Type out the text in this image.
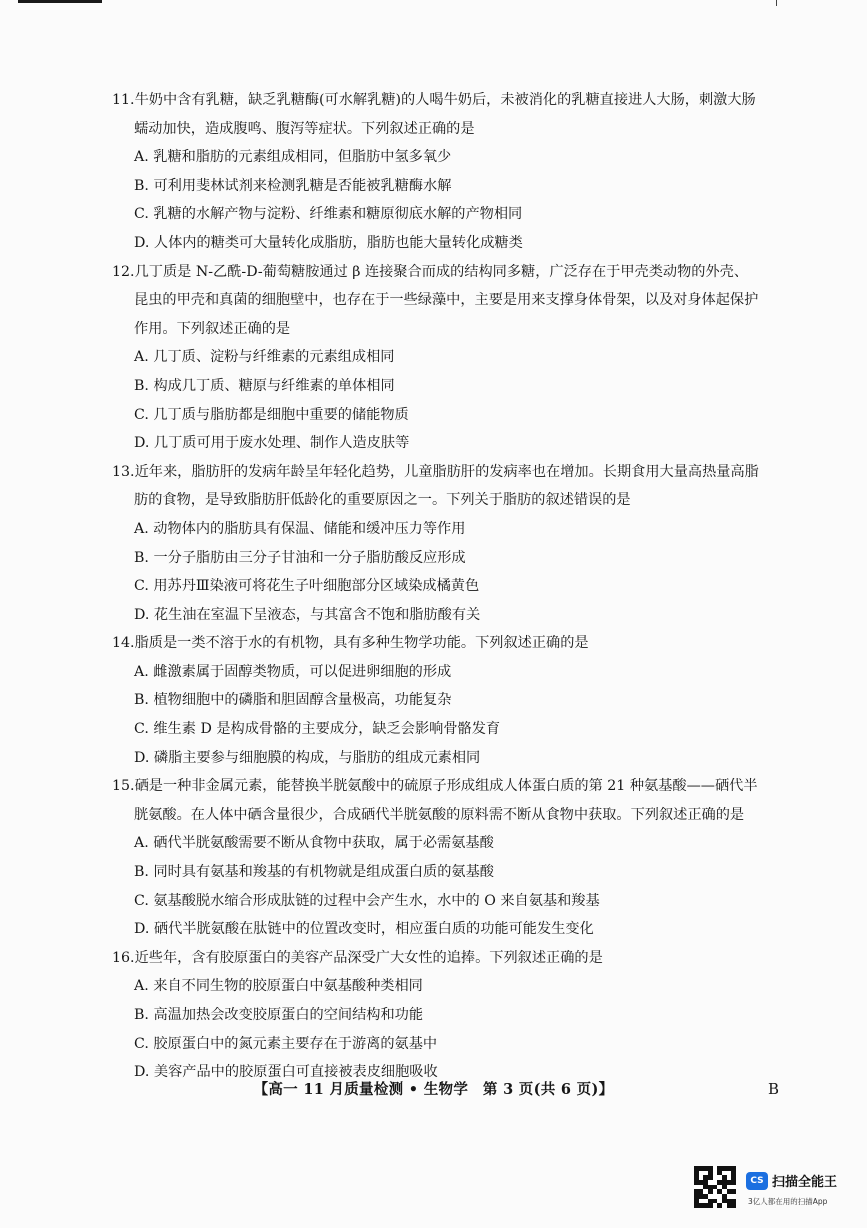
11.牛奶中含有乳糖，缺乏乳糖酶(可水解乳糖)的人喝牛奶后，未被消化的乳糖直接进人大肠，刺激大肠
蠕动加快，造成腹鸣、腹泻等症状。下列叙述正确的是
A. 乳糖和脂肪的元素组成相同，但脂肪中氢多氧少
B. 可利用斐林试剂来检测乳糖是否能被乳糖酶水解
C. 乳糖的水解产物与淀粉、纤维素和糖原彻底水解的产物相同
D. 人体内的糖类可大量转化成脂肪，脂肪也能大量转化成糖类
12.几丁质是 N-乙酰-D-葡萄糖胺通过 β 连接聚合而成的结构同多糖，广泛存在于甲壳类动物的外壳、
昆虫的甲壳和真菌的细胞壁中，也存在于一些绿藻中，主要是用来支撑身体骨架，以及对身体起保护
作用。下列叙述正确的是
A. 几丁质、淀粉与纤维素的元素组成相同
B. 构成几丁质、糖原与纤维素的单体相同
C. 几丁质与脂肪都是细胞中重要的储能物质
D. 几丁质可用于废水处理、制作人造皮肤等
13.近年来，脂肪肝的发病年龄呈年轻化趋势，儿童脂肪肝的发病率也在增加。长期食用大量高热量高脂
肪的食物，是导致脂肪肝低龄化的重要原因之一。下列关于脂肪的叙述错误的是
A. 动物体内的脂肪具有保温、储能和缓冲压力等作用
B. 一分子脂肪由三分子甘油和一分子脂肪酸反应形成
C. 用苏丹Ⅲ染液可将花生子叶细胞部分区域染成橘黄色
D. 花生油在室温下呈液态，与其富含不饱和脂肪酸有关
14.脂质是一类不溶于水的有机物，具有多种生物学功能。下列叙述正确的是
A. 雌激素属于固醇类物质，可以促进卵细胞的形成
B. 植物细胞中的磷脂和胆固醇含量极高，功能复杂
C. 维生素 D 是构成骨骼的主要成分，缺乏会影响骨骼发育
D. 磷脂主要参与细胞膜的构成，与脂肪的组成元素相同
15.硒是一种非金属元素，能替换半胱氨酸中的硫原子形成组成人体蛋白质的第 21 种氨基酸——硒代半
胱氨酸。在人体中硒含量很少，合成硒代半胱氨酸的原料需不断从食物中获取。下列叙述正确的是
A. 硒代半胱氨酸需要不断从食物中获取，属于必需氨基酸
B. 同时具有氨基和羧基的有机物就是组成蛋白质的氨基酸
C. 氨基酸脱水缩合形成肽链的过程中会产生水，水中的 O 来自氨基和羧基
D. 硒代半胱氨酸在肽链中的位置改变时，相应蛋白质的功能可能发生变化
16.近些年，含有胶原蛋白的美容产品深受广大女性的追捧。下列叙述正确的是
A. 来自不同生物的胶原蛋白中氨基酸种类相同
B. 高温加热会改变胶原蛋白的空间结构和功能
C. 胶原蛋白中的氮元素主要存在于游离的氨基中
D. 美容产品中的胶原蛋白可直接被表皮细胞吸收
【高一 11 月质量检测 • 生物学　第 3 页(共 6 页)】	B
CS 扫描全能王
3亿人都在用的扫描App
